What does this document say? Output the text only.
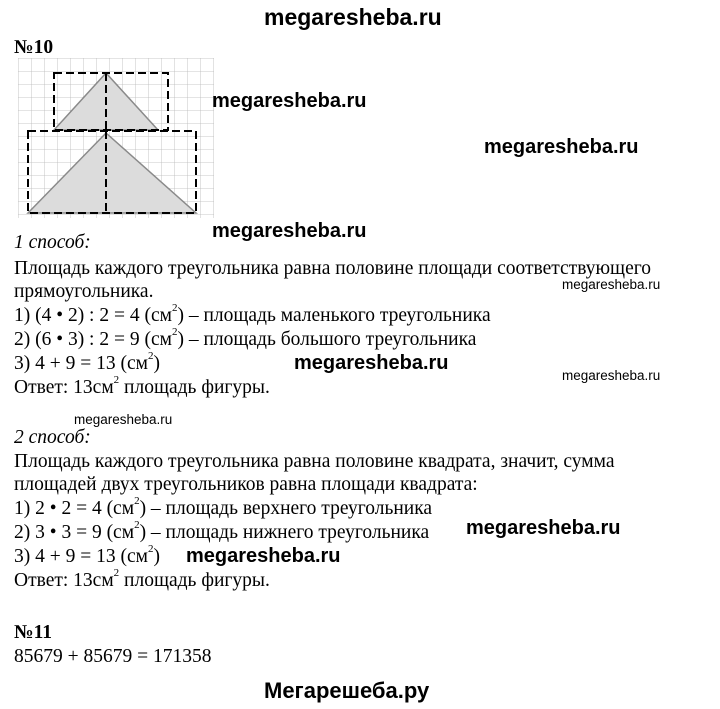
megaresheba.ru
№10
megaresheba.ru
megaresheba.ru
megaresheba.ru
megaresheba.ru
megaresheba.ru
megaresheba.ru
megaresheba.ru
megaresheba.ru
megaresheba.ru
1 способ:
Площадь каждого треугольника равна половине площади соответствующего
прямоугольника.
1) (4 • 2) : 2 = 4 $(см^2)$ – площадь маленького треугольника
2) (6 • 3) : 2 = 9 $(см^2)$ – площадь большого треугольника
3) 4 + 9 = 13 $(см^2)$
Ответ: $13см^2$ площадь фигуры.
2 способ:
Площадь каждого треугольника равна половине квадрата, значит, сумма
площадей двух треугольников равна площади квадрата:
1) 2 • 2 = 4 $(см^2)$ – площадь верхнего треугольника
2) 3 • 3 = 9 $(см^2)$ – площадь нижнего треугольника
3) 4 + 9 = 13 $(см^2)$
Ответ: $13см^2$ площадь фигуры.
№11
85679 + 85679 = 171358
Мегарешеба.ру
